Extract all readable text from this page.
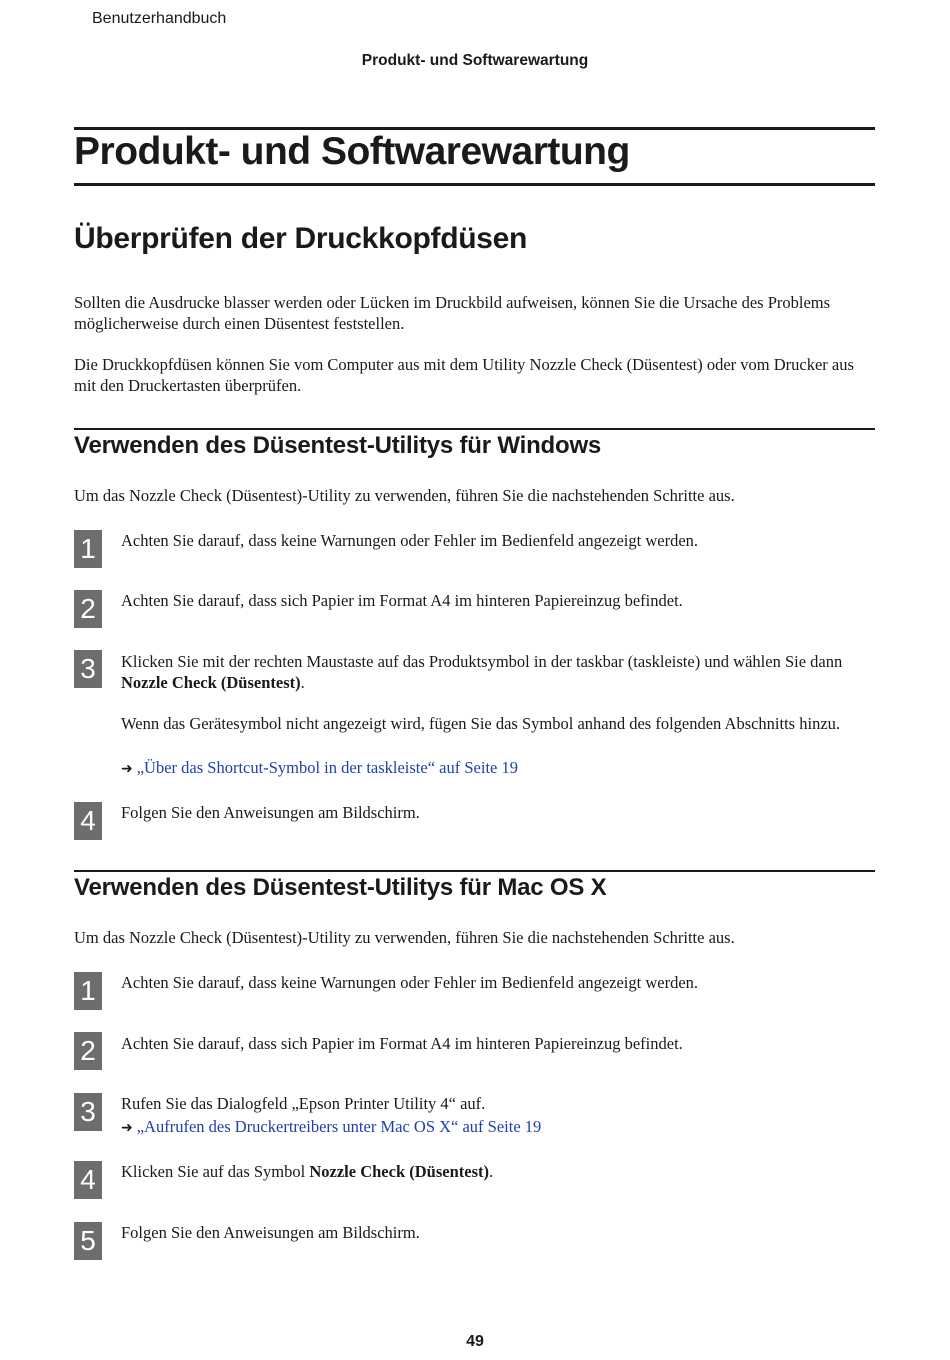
Benutzerhandbuch
Produkt- und Softwarewartung
Produkt- und Softwarewartung
Überprüfen der Druckkopfdüsen
Sollten die Ausdrucke blasser werden oder Lücken im Druckbild aufweisen, können Sie die Ursache des Problems möglicherweise durch einen Düsentest feststellen.
Die Druckkopfdüsen können Sie vom Computer aus mit dem Utility Nozzle Check (Düsentest) oder vom Drucker aus mit den Druckertasten überprüfen.
Verwenden des Düsentest-Utilitys für Windows
Um das Nozzle Check (Düsentest)-Utility zu verwenden, führen Sie die nachstehenden Schritte aus.
1	Achten Sie darauf, dass keine Warnungen oder Fehler im Bedienfeld angezeigt werden.
2	Achten Sie darauf, dass sich Papier im Format A4 im hinteren Papiereinzug befindet.
3	Klicken Sie mit der rechten Maustaste auf das Produktsymbol in der taskbar (taskleiste) und wählen Sie dann Nozzle Check (Düsentest).
Wenn das Gerätesymbol nicht angezeigt wird, fügen Sie das Symbol anhand des folgenden Abschnitts hinzu.
➜ „Über das Shortcut-Symbol in der taskleiste“ auf Seite 19
4	Folgen Sie den Anweisungen am Bildschirm.
Verwenden des Düsentest-Utilitys für Mac OS X
Um das Nozzle Check (Düsentest)-Utility zu verwenden, führen Sie die nachstehenden Schritte aus.
1	Achten Sie darauf, dass keine Warnungen oder Fehler im Bedienfeld angezeigt werden.
2	Achten Sie darauf, dass sich Papier im Format A4 im hinteren Papiereinzug befindet.
3	Rufen Sie das Dialogfeld „Epson Printer Utility 4“ auf.
➜ „Aufrufen des Druckertreibers unter Mac OS X“ auf Seite 19
4	Klicken Sie auf das Symbol Nozzle Check (Düsentest).
5	Folgen Sie den Anweisungen am Bildschirm.
49
